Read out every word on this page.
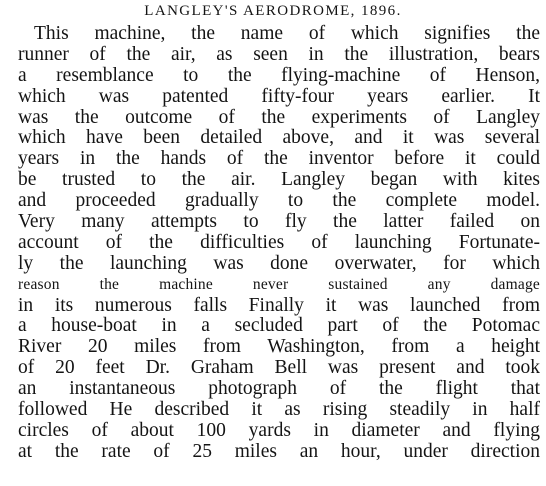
LANGLEY'S AERODROME, 1896.
This machine, the name of which signifies the
runner of the air, as seen in the illustration, bears
a resemblance to the flying-machine of Henson,
which was patented fifty-four years earlier. It
was the outcome of the experiments of Langley
which have been detailed above, and it was several
years in the hands of the inventor before it could
be trusted to the air. Langley began with kites
and proceeded gradually to the complete model.
Very many attempts to fly the latter failed on
account of the difficulties of launching Fortunate-
ly the launching was done overwater, for which
reason the machine never sustained any damage
in its numerous falls Finally it was launched from
a house-boat in a secluded part of the Potomac
River 20 miles from Washington, from a height
of 20 feet Dr. Graham Bell was present and took
an instantaneous photograph of the flight that
followed He described it as rising steadily in half
circles of about 100 yards in diameter and flying
at the rate of 25 miles an hour, under direction
